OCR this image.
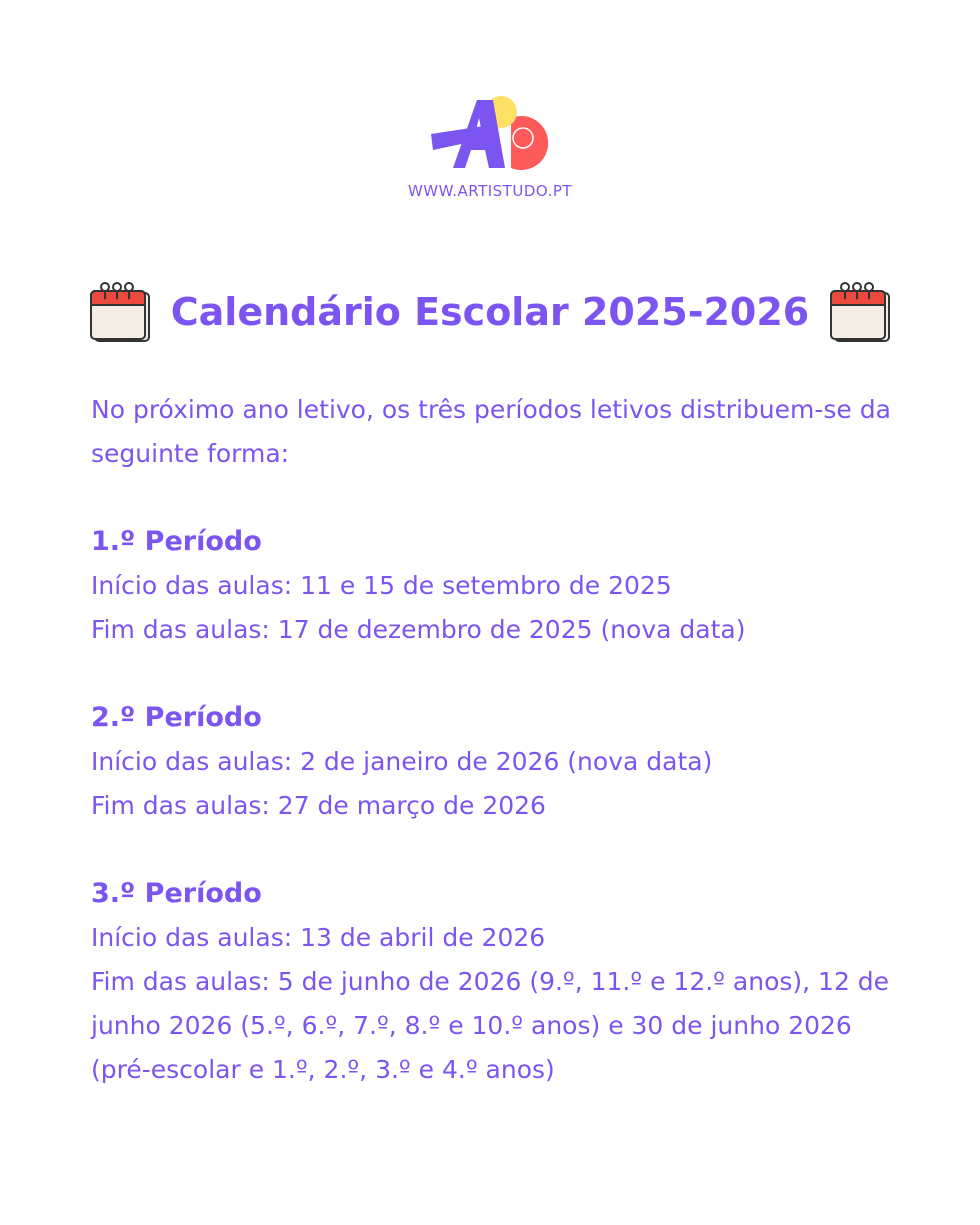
WWW.ARTISTUDO.PT
Calendário Escolar 2025-2026

No próximo ano letivo, os três períodos letivos distribuem-se da seguinte forma:

1.º Período
Início das aulas: 11 e 15 de setembro de 2025
Fim das aulas: 17 de dezembro de 2025 (nova data)
2.º Período
Início das aulas: 2 de janeiro de 2026 (nova data)
Fim das aulas: 27 de março de 2026
3.º Período
Início das aulas: 13 de abril de 2026
Fim das aulas: 5 de junho de 2026 (9.º, 11.º e 12.º anos), 12 de junho 2026 (5.º, 6.º, 7.º, 8.º e 10.º anos) e 30 de junho 2026 (pré-escolar e 1.º, 2.º, 3.º e 4.º anos)
